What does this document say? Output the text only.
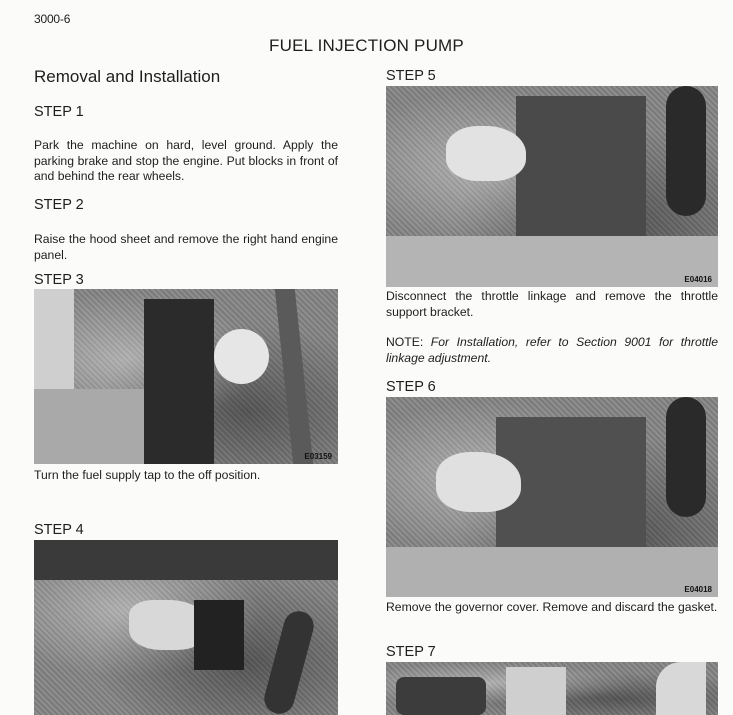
3000-6
FUEL INJECTION PUMP
Removal and Installation
STEP 1
Park the machine on hard, level ground. Apply the parking brake and stop the engine. Put blocks in front of and behind the rear wheels.
STEP 2
Raise the hood sheet and remove the right hand engine panel.
STEP 3
E03159
Turn the fuel supply tap to the off position.
STEP 4
STEP 5
E04016
Disconnect the throttle linkage and remove the throttle support bracket.
NOTE: For Installation, refer to Section 9001 for throttle linkage adjustment.
STEP 6
E04018
Remove the governor cover. Remove and discard the gasket.
STEP 7
